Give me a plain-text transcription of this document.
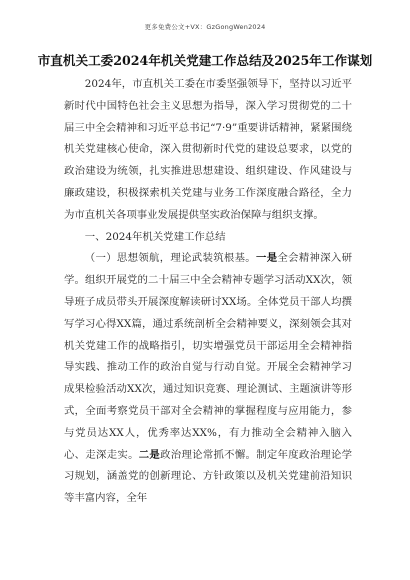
更多免费公文+VX：GzGongWen2024
市直机关工委2024年机关党建工作总结及2025年工作谋划

2024年，市直机关工委在市委坚强领导下，坚持以习近平新时代中国特色社会主义思想为指导，深入学习贯彻党的二十届三中全会精神和习近平总书记“7·9”重要讲话精神，紧紧围绕机关党建核心使命，深入贯彻新时代党的建设总要求，以党的政治建设为统领，扎实推进思想建设、组织建设、作风建设与廉政建设，积极探索机关党建与业务工作深度融合路径，全力为市直机关各项事业发展提供坚实政治保障与组织支撑。

一、2024年机关党建工作总结

（一）思想领航，理论武装筑根基。一是全会精神深入研学。组织开展党的二十届三中全会精神专题学习活动XX次，领导班子成员带头开展深度解读研讨XX场。全体党员干部人均撰写学习心得XX篇，通过系统剖析全会精神要义，深刻领会其对机关党建工作的战略指引，切实增强党员干部运用全会精神指导实践、推动工作的政治自觉与行动自觉。开展全会精神学习成果检验活动XX次，通过知识竞赛、理论测试、主题演讲等形式，全面考察党员干部对全会精神的掌握程度与应用能力，参与党员达XX人，优秀率达XX%，有力推动全会精神入脑入心、走深走实。二是政治理论常抓不懈。制定年度政治理论学习规划，涵盖党的创新理论、方针政策以及机关党建前沿知识等丰富内容，全年
